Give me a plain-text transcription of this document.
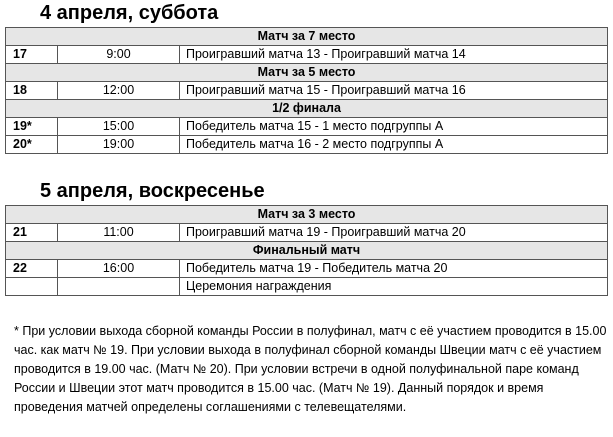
4 апреля, суббота
Матч за 7 место		
17	9:00	Проигравший матча 13 - Проигравший матча 14
Матч за 5 место		
18	12:00	Проигравший матча 15 - Проигравший матча 16
1/2 финала		
19*	15:00	Победитель матча 15 - 1 место подгруппы А
20*	19:00	Победитель матча 16 - 2 место подгруппы А
5 апреля, воскресенье
Матч за 3 место		
21	11:00	Проигравший матча 19 - Проигравший матча 20
Финальный матч		
22	16:00	Победитель матча 19 - Победитель матча 20
		Церемония награждения
* При условии выхода сборной команды России в полуфинал, матч с её участием проводится в 15.00 час. как матч № 19. При условии выхода в полуфинал сборной команды Швеции матч с её участием проводится в 19.00 час. (Матч № 20). При условии встречи в одной полуфинальной паре команд России и Швеции этот матч проводится в 15.00 час. (Матч № 19). Данный порядок и время проведения матчей определены соглашениями с телевещателями.
